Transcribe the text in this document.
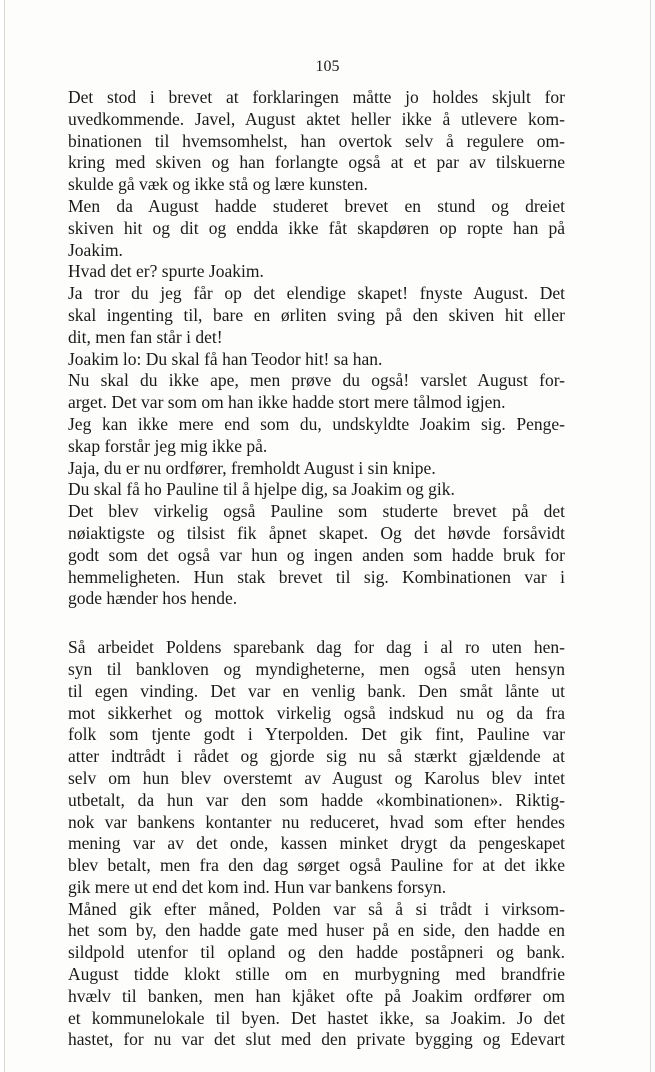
105
Det stod i brevet at forklaringen måtte jo holdes skjult for
uvedkommende. Javel, August aktet heller ikke å utlevere kom-
binationen til hvemsomhelst, han overtok selv å regulere om-
kring med skiven og han forlangte også at et par av tilskuerne
skulde gå væk og ikke stå og lære kunsten.
Men da August hadde studeret brevet en stund og dreiet
skiven hit og dit og endda ikke fåt skapdøren op ropte han på
Joakim.
Hvad det er? spurte Joakim.
Ja tror du jeg får op det elendige skapet! fnyste August. Det
skal ingenting til, bare en ørliten sving på den skiven hit eller
dit, men fan står i det!
Joakim lo: Du skal få han Teodor hit! sa han.
Nu skal du ikke ape, men prøve du også! varslet August for-
arget. Det var som om han ikke hadde stort mere tålmod igjen.
Jeg kan ikke mere end som du, undskyldte Joakim sig. Penge-
skap forstår jeg mig ikke på.
Jaja, du er nu ordfører, fremholdt August i sin knipe.
Du skal få ho Pauline til å hjelpe dig, sa Joakim og gik.
Det blev virkelig også Pauline som studerte brevet på det
nøiaktigste og tilsist fik åpnet skapet. Og det høvde forsåvidt
godt som det også var hun og ingen anden som hadde bruk for
hemmeligheten. Hun stak brevet til sig. Kombinationen var i
gode hænder hos hende.
Så arbeidet Poldens sparebank dag for dag i al ro uten hen-
syn til bankloven og myndigheterne, men også uten hensyn
til egen vinding. Det var en venlig bank. Den småt lånte ut
mot sikkerhet og mottok virkelig også indskud nu og da fra
folk som tjente godt i Yterpolden. Det gik fint, Pauline var
atter indtrådt i rådet og gjorde sig nu så stærkt gjældende at
selv om hun blev overstemt av August og Karolus blev intet
utbetalt, da hun var den som hadde «kombinationen». Riktig-
nok var bankens kontanter nu reduceret, hvad som efter hendes
mening var av det onde, kassen minket drygt da pengeskapet
blev betalt, men fra den dag sørget også Pauline for at det ikke
gik mere ut end det kom ind. Hun var bankens forsyn.
Måned gik efter måned, Polden var så å si trådt i virksom-
het som by, den hadde gate med huser på en side, den hadde en
sildpold utenfor til opland og den hadde poståpneri og bank.
August tidde klokt stille om en murbygning med brandfrie
hvælv til banken, men han kjåket ofte på Joakim ordfører om
et kommunelokale til byen. Det hastet ikke, sa Joakim. Jo det
hastet, for nu var det slut med den private bygging og Edevart
